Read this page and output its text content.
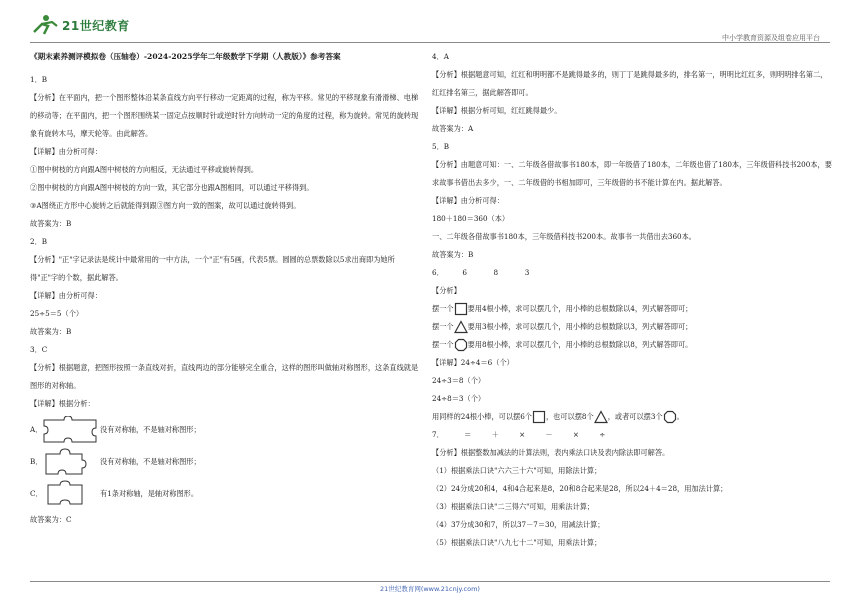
21世纪教育
中小学教育资源及组卷应用平台

《期末素养测评模拟卷（压轴卷）-2024-2025学年二年级数学下学期（人教版）》参考答案

1．B

【分析】在平面内，把一个图形整体沿某条直线方向平行移动一定距离的过程，称为平移。常见的平移现象有滑滑梯、电梯的移动等；在平面内，把一个图形围绕某一固定点按顺时针或逆时针方向转动一定的角度的过程，称为旋转。常见的旋转现象有旋转木马，摩天轮等。由此解答。

【详解】由分析可得：

①图中树枝的方向跟A图中树枝的方向相反，无法通过平移或旋转得到。

②图中树枝的方向跟A图中树枝的方向一致，其它部分也跟A图相同，可以通过平移得到。

③A图绕正方形中心旋转之后就能得到跟③图方向一致的图案，故可以通过旋转得到。

故答案为：B

2．B

【分析】"正"字记录法是统计中最常用的一中方法，一个"正"有5画，代表5票。圆圆的总票数除以5求出商即为她所得"正"字的个数，据此解答。

【详解】由分析可得：

25÷5＝5（个）

故答案为：B

3．C

【分析】根据题意，把图形按照一条直线对折，直线两边的部分能够完全重合，这样的图形叫做轴对称图形，这条直线就是图形的对称轴。

【详解】根据分析：

A．	没有对称轴，不是轴对称图形；
B．	没有对称轴，不是轴对称图形；
C．	有1条对称轴，是轴对称图形。

故答案为：C

4．A

【分析】根据题意可知，红红和明明都不是跳得最多的，则丁丁是跳得最多的，排名第一，明明比红红多，则明明排名第二，红红排名第三，据此解答即可。

【详解】根据分析可知，红红跳得最少。

故答案为：A

5．B

【分析】由题意可知：一、二年级各借故事书180本，即一年级借了180本，二年级也借了180本，三年级借科技书200本，要求故事书借出去多少，一、二年级借的书相加即可，三年级借的书不能计算在内。据此解答。

【详解】由分析可得：

180＋180＝360（本）

一、二年级各借故事书180本，三年级借科技书200本。故事书一共借出去360本。

故答案为：B

6．	6	8	3

【分析】

摆一个 要用4根小棒，求可以摆几个，用小棒的总根数除以4，列式解答即可；

摆一个 要用3根小棒，求可以摆几个，用小棒的总根数除以3，列式解答即可；

摆一个 要用8根小棒，求可以摆几个，用小棒的总根数除以8，列式解答即可。

【详解】24÷4＝6（个）

24÷3＝8（个）

24÷8＝3（个）

用同样的24根小棒，可以摆6个 ，也可以摆8个 ，或者可以摆3个 。

7．	＝	＋	×	－	×	÷

【分析】根据整数加减法的计算法则，表内乘法口诀及表内除法即可解答。

（1）根据乘法口诀"六六三十六"可知，用除法计算；

（2）24分成20和4，4和4合起来是8，20和8合起来是28，所以24＋4＝28，用加法计算；

（3）根据乘法口诀"二三得六"可知，用乘法计算；

（4）37分成30和7，所以37－7＝30，用减法计算；

（5）根据乘法口诀"八九七十二"可知，用乘法计算；

21世纪教育网(www.21cnjy.com)
